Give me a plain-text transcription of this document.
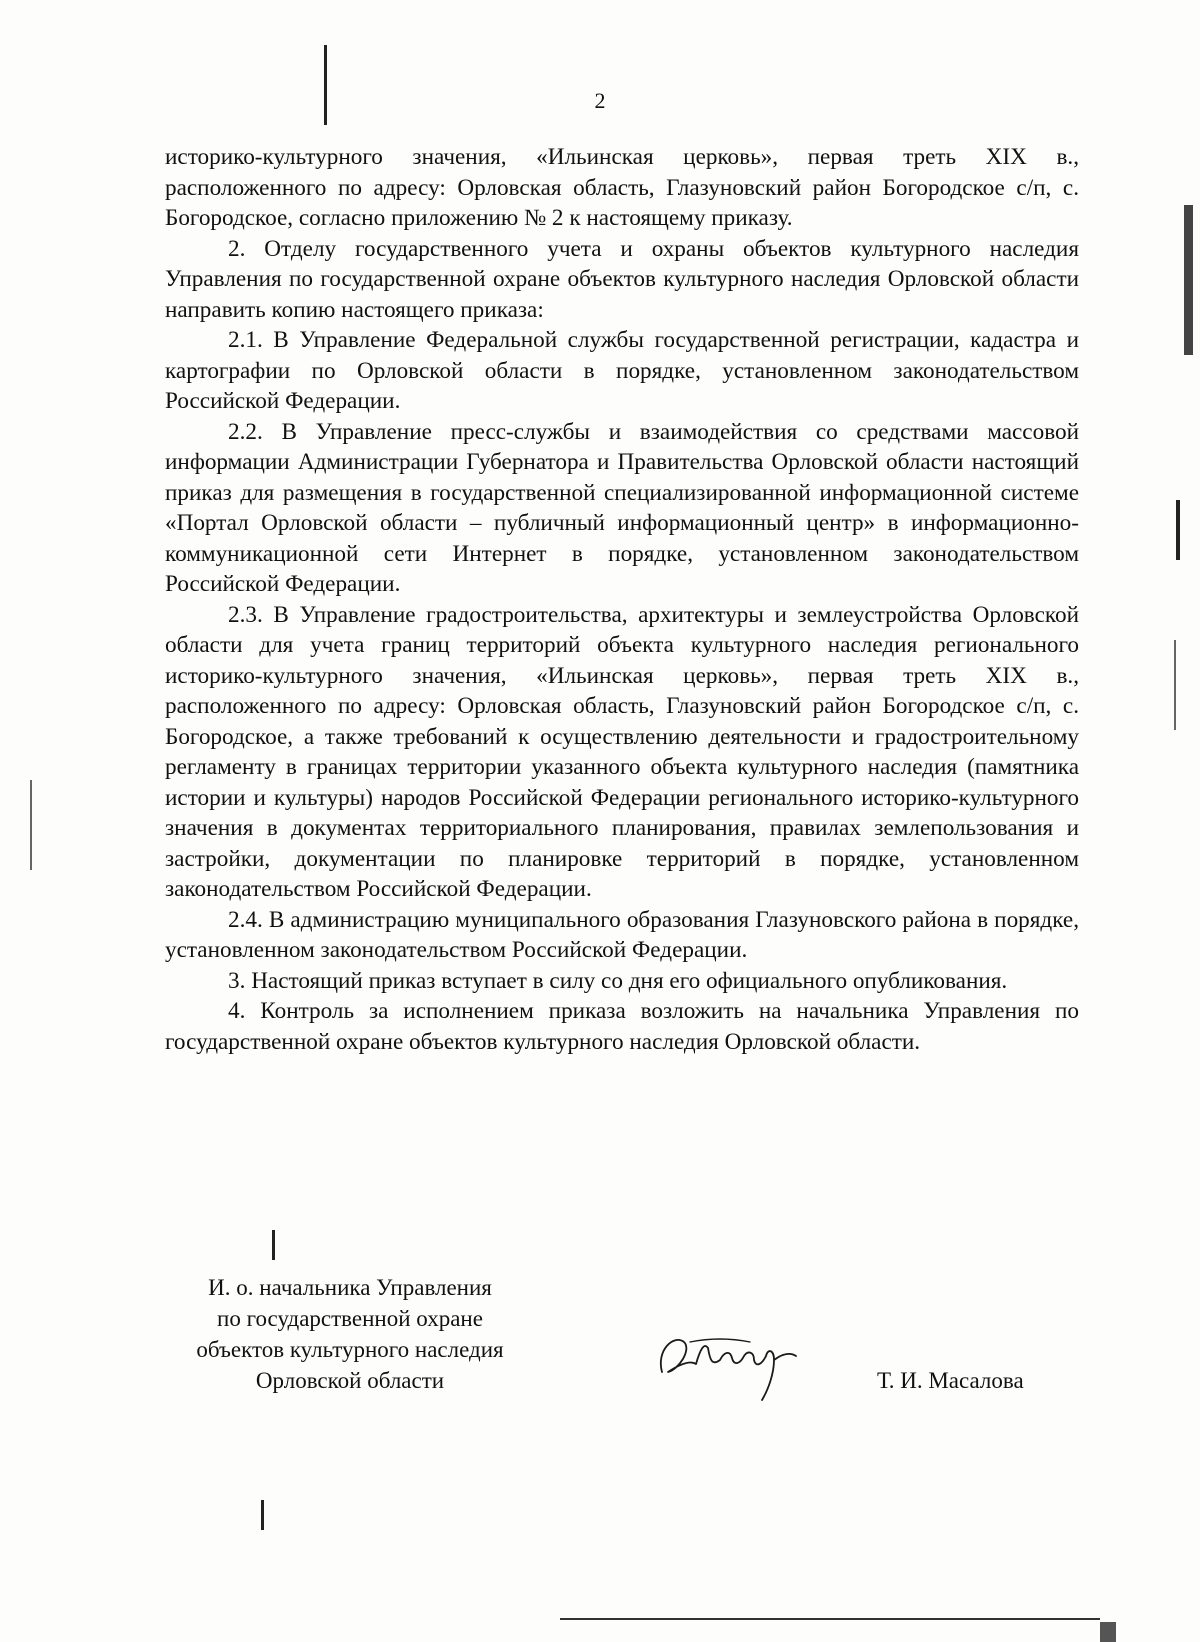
2

историко-культурного значения, «Ильинская церковь», первая треть XIX в., расположенного по адресу: Орловская область, Глазуновский район Богородское с/п, с. Богородское, согласно приложению № 2 к настоящему приказу.

2. Отделу государственного учета и охраны объектов культурного наследия Управления по государственной охране объектов культурного наследия Орловской области направить копию настоящего приказа:

2.1. В Управление Федеральной службы государственной регистрации, кадастра и картографии по Орловской области в порядке, установленном законодательством Российской Федерации.

2.2. В Управление пресс-службы и взаимодействия со средствами массовой информации Администрации Губернатора и Правительства Орловской области настоящий приказ для размещения в государственной специализированной информационной системе «Портал Орловской области – публичный информационный центр» в информационно-коммуникационной сети Интернет в порядке, установленном законодательством Российской Федерации.

2.3. В Управление градостроительства, архитектуры и землеустройства Орловской области для учета границ территорий объекта культурного наследия регионального историко-культурного значения, «Ильинская церковь», первая треть XIX в., расположенного по адресу: Орловская область, Глазуновский район Богородское с/п, с. Богородское, а также требований к осуществлению деятельности и градостроительному регламенту в границах территории указанного объекта культурного наследия (памятника истории и культуры) народов Российской Федерации регионального историко-культурного значения в документах территориального планирования, правилах землепользования и застройки, документации по планировке территорий в порядке, установленном законодательством Российской Федерации.

2.4. В администрацию муниципального образования Глазуновского района в порядке, установленном законодательством Российской Федерации.

3. Настоящий приказ вступает в силу со дня его официального опубликования.

4. Контроль за исполнением приказа возложить на начальника Управления по государственной охране объектов культурного наследия Орловской области.

И. о. начальника Управления
по государственной охране
объектов культурного наследия
Орловской области	Т. И. Масалова
